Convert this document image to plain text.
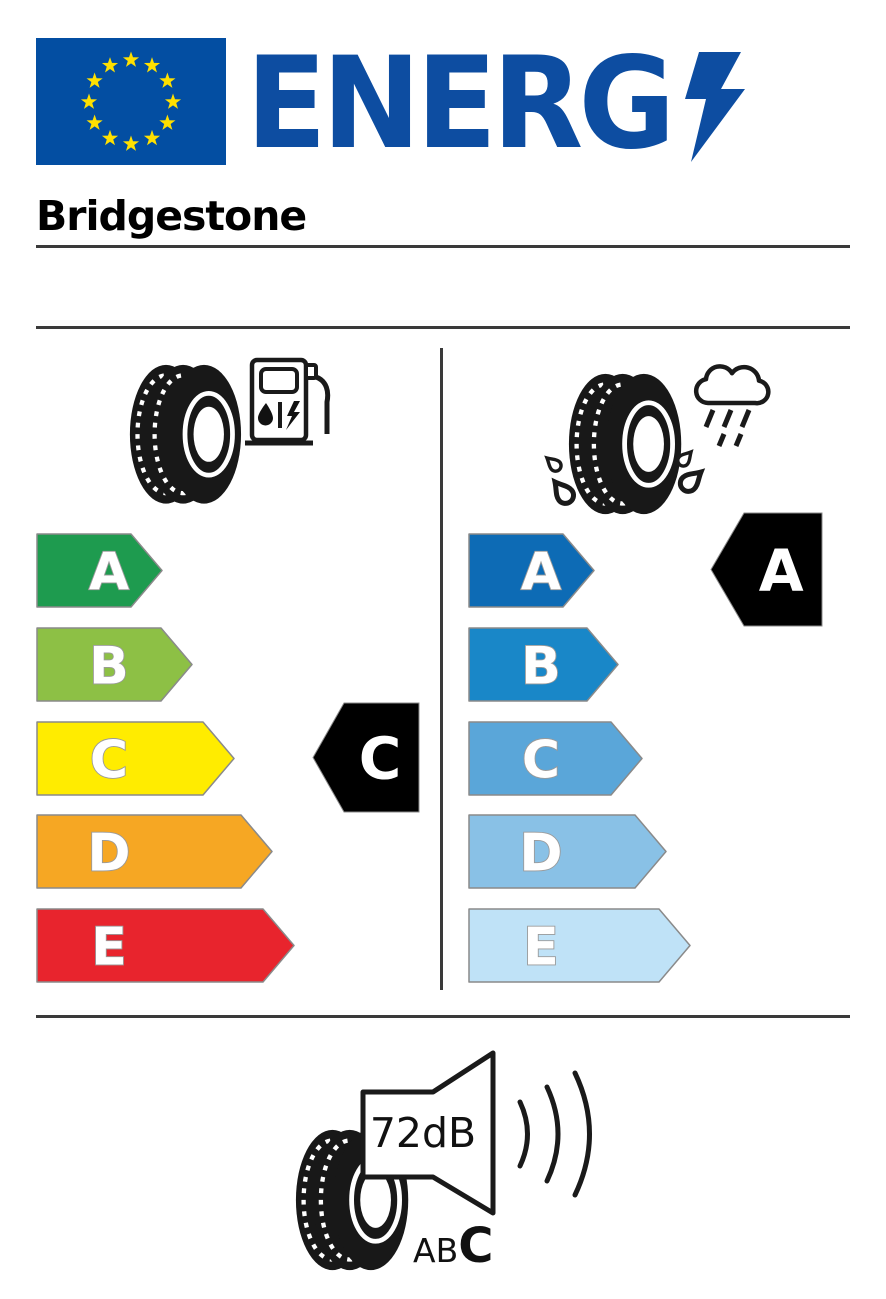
ENERG
Bridgestone
A
B
C
D
E
A
B
C
D
E
C
A
72dB
ABC
